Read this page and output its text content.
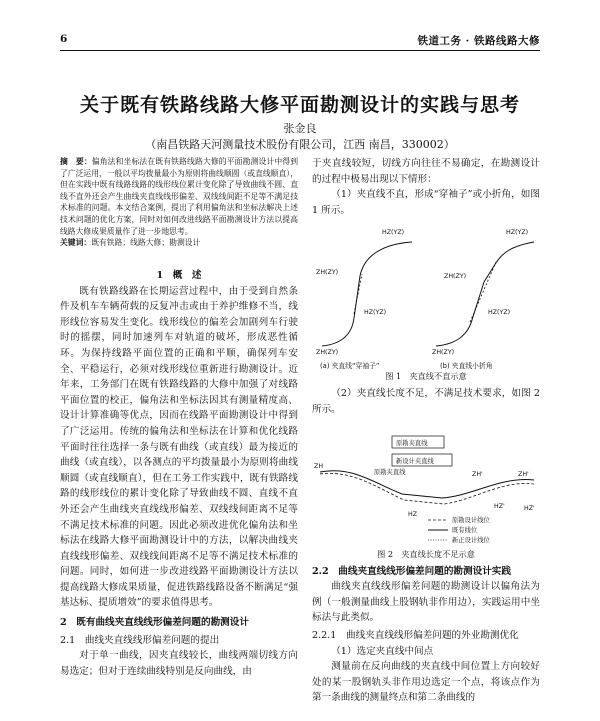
6	铁道工务 · 铁路线路大修
关于既有铁路线路大修平面勘测设计的实践与思考
张金良
（南昌铁路天河测量技术股份有限公司，江西 南昌，330002）

摘　要：偏角法和坐标法在既有铁路线路大修的平面勘测设计中得到了广泛运用，一般以平均拨量最小为原则将曲线顺圆（或直线顺直），但在实践中既有线路线路的线形线位累计变化除了导致曲线不圆、直线不直外还会产生曲线夹直线线形偏差、双线线间距不足等不满足技术标准的问题。本文结合案例，提出了利用偏角法和坐标法解决上述技术问题的优化方案，同时对如何改进线路平面勘测设计方法以提高线路大修成果质量作了进一步地思考。

关键词：既有铁路；线路大修；勘测设计

1　概　述

既有铁路线路在长期运营过程中，由于受到自然条件及机车车辆荷载的反复冲击或由于养护维修不当，线形线位容易发生变化。线形线位的偏差会加剧列车行驶时的摇摆，同时加速列车对轨道的破坏，形成恶性循环。为保持线路平面位置的正确和平顺，确保列车安全、平稳运行，必须对线形线位重新进行勘测设计。近年来，工务部门在既有铁路线路的大修中加强了对线路平面位置的校正，偏角法和坐标法因其有测量精度高、设计计算准确等优点，因而在线路平面勘测设计中得到了广泛运用。传统的偏角法和坐标法在计算和优化线路平面时往往选择一条与既有曲线（或直线）最为接近的曲线（或直线），以各测点的平均拨量最小为原则将曲线顺圆（或直线顺直），但在工务工作实践中，既有铁路线路的线形线位的累计变化除了导致曲线不圆、直线不直外还会产生曲线夹直线线形偏差、双线线间距离不足等不满足技术标准的问题。因此必须改进优化偏角法和坐标法在线路大修平面勘测设计中的方法，以解决曲线夹直线线形偏差、双线线间距离不足等不满足技术标准的问题。同时，如何进一步改进线路平面勘测设计方法以提高线路大修成果质量，促进铁路线路设备不断满足“强基达标、提质增效”的要求值得思考。

2　既有曲线夹直线线形偏差问题的勘测设计

2.1　曲线夹直线线形偏差问题的提出

对于单一曲线，因夹直线较长，曲线两端切线方向易选定；但对于连续曲线特别是反向曲线，由

于夹直线较短，切线方向往往不易确定，在勘测设计的过程中极易出现以下情形：

（1）夹直线不直，形成“穿袖子”或小折角，如图 1 所示。

HZ(YZ)
ZH(ZY)
HZ(YZ)
ZH(ZY)
HZ(YZ)
ZH(ZY)
HZ(YZ)
ZH(ZY)
(a) 夹直线“穿袖子”	(b) 夹直线小折角
图 1　夹直线不直示意

（2）夹直线长度不足，不满足技术要求，如图 2 所示。

原勘夹直线
ZH
HZ
ZH'
HZ'
ZH'
HZ'
原勘夹直线
新设计夹直线
原勘设计线位
既有线位
新正设计线位
图 2　夹直线长度不足示意

2.2　曲线夹直线线形偏差问题的勘测设计实践

曲线夹直线线形偏差问题的勘测设计以偏角法为例（一般测量曲线上股钢轨非作用边），实践运用中坐标法与此类似。

2.2.1　曲线夹直线线形偏差问题的外业勘测优化

（1）选定夹直线中间点

测量前在反向曲线的夹直线中间位置上方向较好处的某一股钢轨头非作用边选定一个点，将该点作为第一条曲线的测量终点和第二条曲线的
